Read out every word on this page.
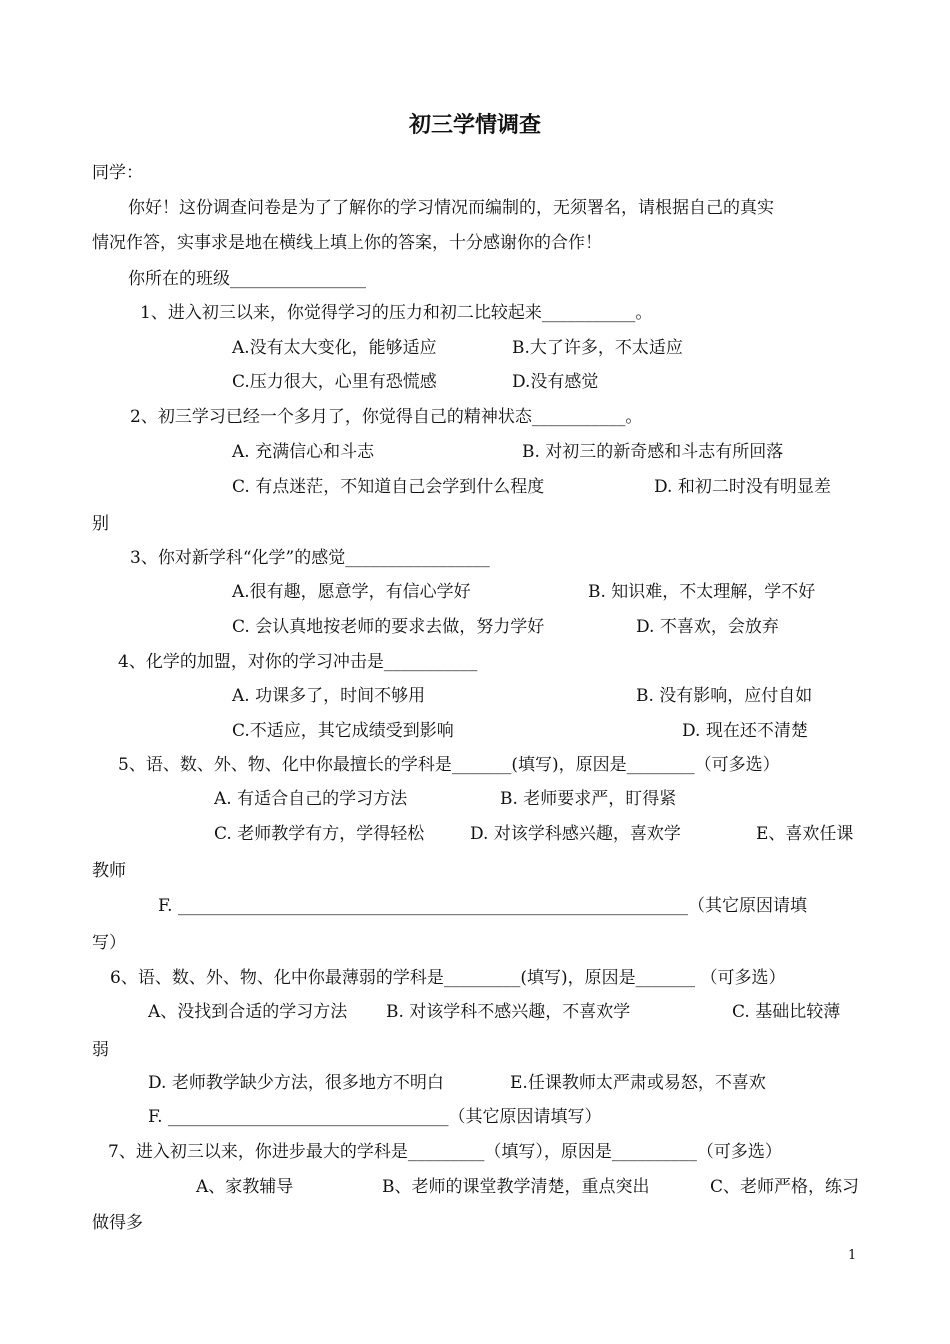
初三学情调查
同学：
你好！这份调查问卷是为了了解你的学习情况而编制的，无须署名，请根据自己的真实
情况作答，实事求是地在横线上填上你的答案，十分感谢你的合作！
你所在的班级________________
1、进入初三以来，你觉得学习的压力和初二比较起来___________。
A.没有太大变化，能够适应	B.大了许多，不太适应
C.压力很大，心里有恐慌感	D.没有感觉
2、初三学习已经一个多月了，你觉得自己的精神状态___________。
A. 充满信心和斗志	B. 对初三的新奇感和斗志有所回落
C. 有点迷茫，不知道自己会学到什么程度	D. 和初二时没有明显差
别
3、你对新学科“化学”的感觉_________________
A.很有趣，愿意学，有信心学好	B. 知识难，不太理解，学不好
C. 会认真地按老师的要求去做，努力学好	D. 不喜欢，会放弃
4、化学的加盟，对你的学习冲击是___________
A. 功课多了，时间不够用	B. 没有影响，应付自如
C.不适应，其它成绩受到影响	D. 现在还不清楚
5、语、数、外、物、化中你最擅长的学科是_______(填写)，原因是________（可多选）
A. 有适合自己的学习方法	B. 老师要求严，盯得紧
C. 老师教学有方，学得轻松	D. 对该学科感兴趣，喜欢学	E、喜欢任课
教师
F. ____________________________________________________________（其它原因请填
写）
6、语、数、外、物、化中你最薄弱的学科是_________(填写)，原因是_______ （可多选）
A、没找到合适的学习方法 B. 对该学科不感兴趣，不喜欢学	C. 基础比较薄
弱
D. 老师教学缺少方法，很多地方不明白	E.任课教师太严肃或易怒，不喜欢
F. _________________________________（其它原因请填写）
7、进入初三以来，你进步最大的学科是_________（填写），原因是__________（可多选）
A、家教辅导	B、老师的课堂教学清楚，重点突出	C、老师严格，练习
做得多
1
